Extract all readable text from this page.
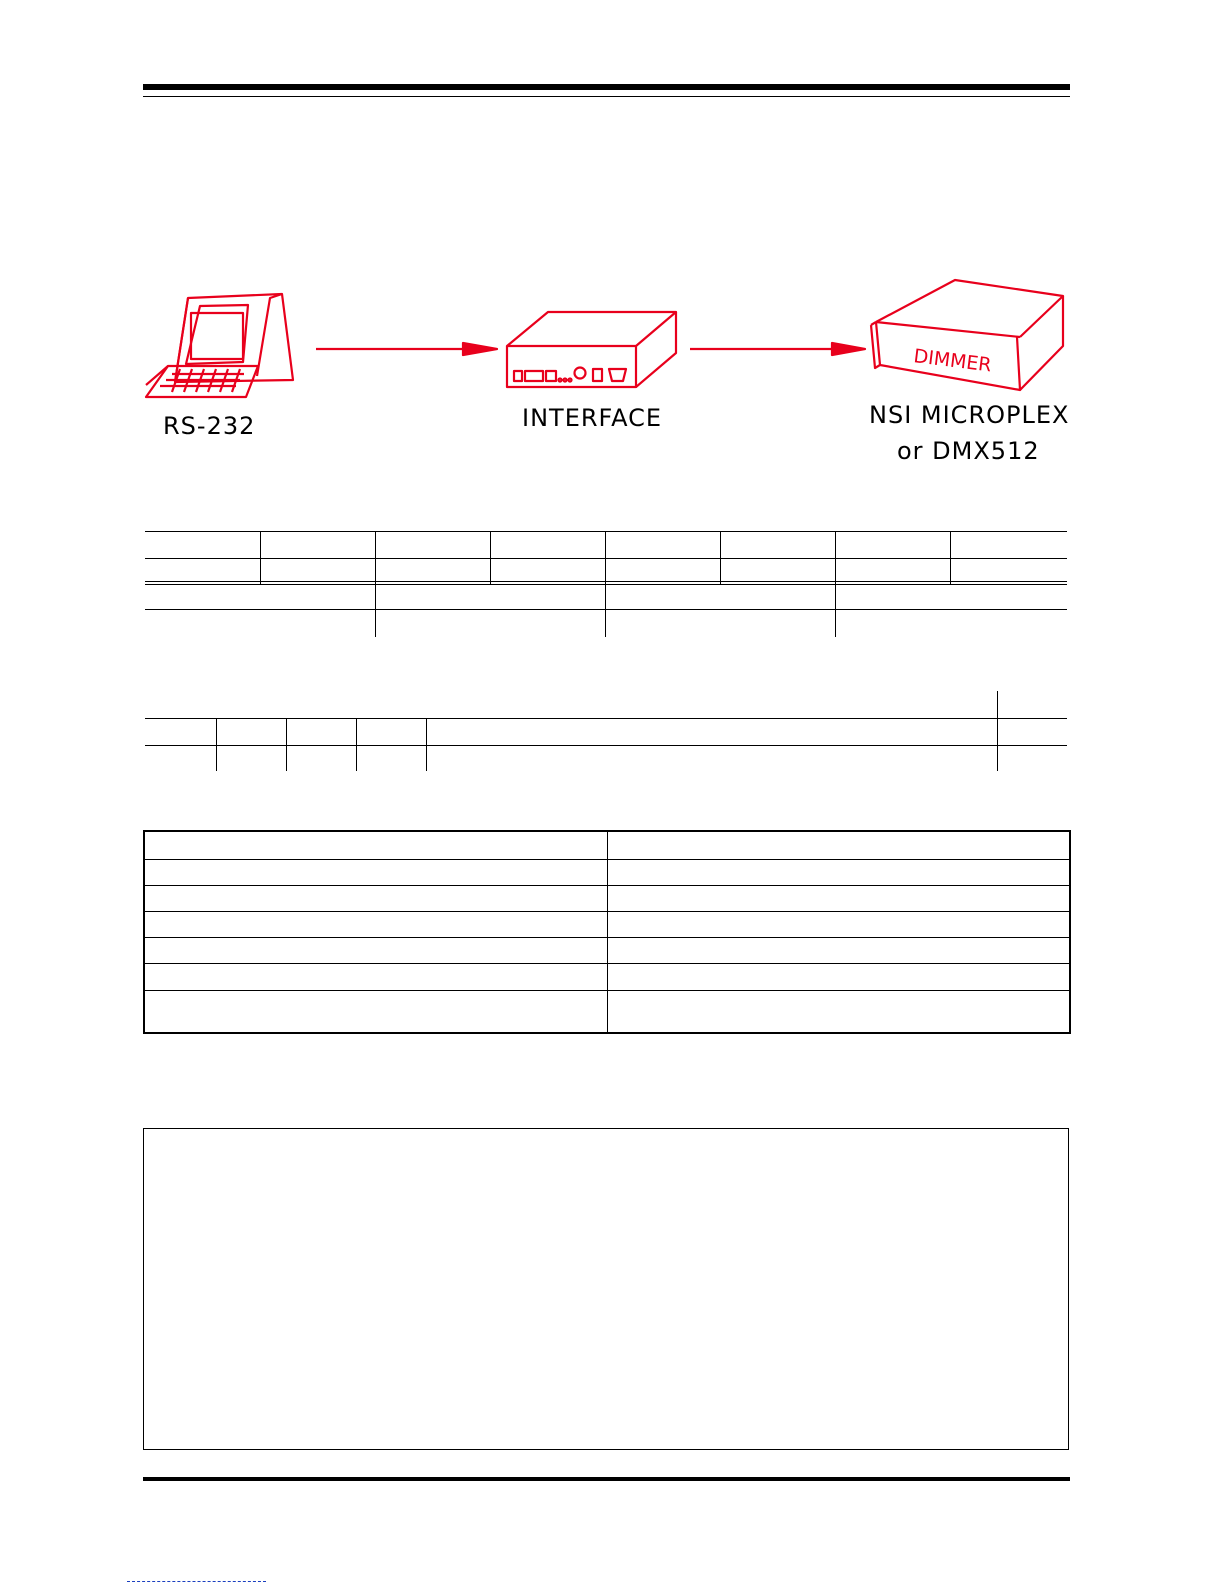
RS-232	INTERFACE
DIMMER
NSI MICROPLEX
or DMX512
